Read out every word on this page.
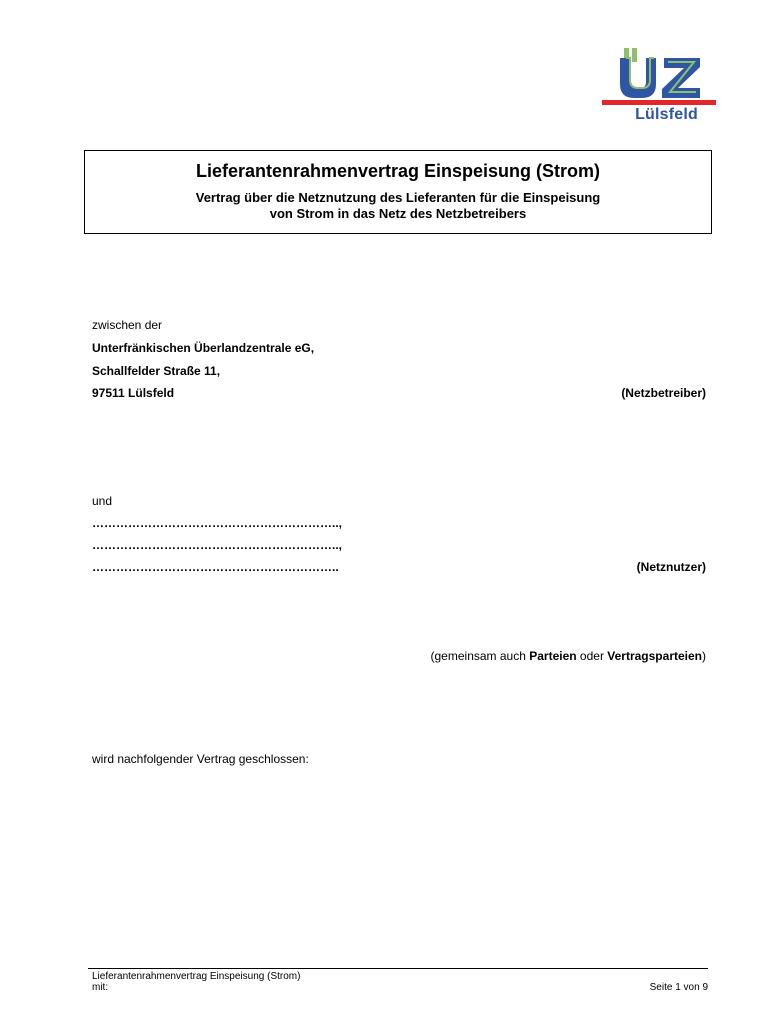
Lülsfeld
Lieferantenrahmenvertrag Einspeisung (Strom)
Vertrag über die Netznutzung des Lieferanten für die Einspeisung
von Strom in das Netz des Netzbetreibers
zwischen der
Unterfränkischen Überlandzentrale eG,
Schallfelder Straße 11,
97511 Lülsfeld	(Netzbetreiber)
und
……………………………………………………..,
……………………………………………………..,
……………………………………………………..	(Netznutzer)
(gemeinsam auch Parteien oder Vertragsparteien)
wird nachfolgender Vertrag geschlossen:
Lieferantenrahmenvertrag Einspeisung (Strom)
mit:	Seite 1 von 9
